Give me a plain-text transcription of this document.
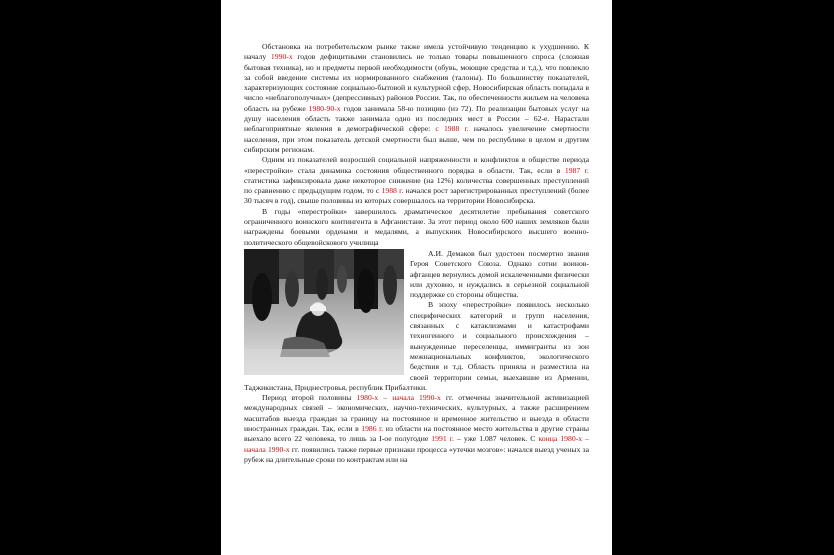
Обстановка на потребительском рынке также имела устойчивую тенденцию к ухудшению. К началу 1990-х годов дефицитными становились не только товары повышенного спроса (сложная бытовая техника), но и предметы первой необходимости (обувь, моющие средства и т.д.), что повлекло за собой введение системы их нормированного снабжения (талоны). По большинству показателей, характеризующих состояние социально-бытовой и культурной сфер, Новосибирская область попадала в число «неблагополучных» (депрессивных) районов России. Так, по обеспеченности жильем на человека область на рубеже 1980-90-х годов занимала 58-ю позицию (из 72). По реализации бытовых услуг на душу населения область также занимала одно из последних мест в России – 62-е. Нарастали неблагоприятные явления в демографической сфере: с 1988 г. началось увеличение смертности населения, при этом показатель детской смертности был выше, чем по республике в целом и другим сибирским регионам.

Одним из показателей возросшей социальной напряженности и конфликтов в обществе периода «перестройки» стала динамика состояния общественного порядка в области. Так, если в 1987 г. статистика зафиксировала даже некоторое снижение (на 12%) количества совершенных преступлений по сравнению с предыдущим годом, то с 1988 г. начался рост зарегистрированных преступлений (более 30 тысяч в год), свыше половины из которых совершалось на территории Новосибирска.

В годы «перестройки» завершилось драматическое десятилетие пребывания советского ограниченного воинского контингента в Афганистане. За этот период около 600 наших земляков были награждены боевыми орденами и медалями, а выпускник Новосибирского высшего военно-политического общевойскового училища

А.И. Демаков был удостоен посмертно звания Героя Советского Союза. Однако сотни воинов-афганцев вернулись домой искалеченными физически или духовно, и нуждались в серьезной социальной поддержке со стороны общества.

В эпоху «перестройки» появилось несколько специфических категорий и групп населения, связанных с катаклизмами и катастрофами техногенного и социального происхождения – вынужденные переселенцы, иммигранты из зон межнациональных конфликтов, экологического бедствия и т.д. Область приняла и разместила на своей территории семьи, выехавшие из Армении, Таджикистана, Приднестровья, республик Прибалтики.

Период второй половины 1980-х – начала 1990-х гг. отмечены значительной активизацией международных связей – экономических, научно-технических, культурных, а также расширением масштабов выезда граждан за границу на постоянное и временное жительство и выезда в области иностранных граждан. Так, если в 1986 г. из области на постоянное место жительства в другие страны выехало всего 22 человека, то лишь за I-ое полугодие 1991 г. – уже 1.087 человек. С конца 1980-х – начала 1990-х гг. появились также первые признаки процесса «утечки мозгов»: начался выезд ученых за рубеж на длительные сроки по контрактам или на
